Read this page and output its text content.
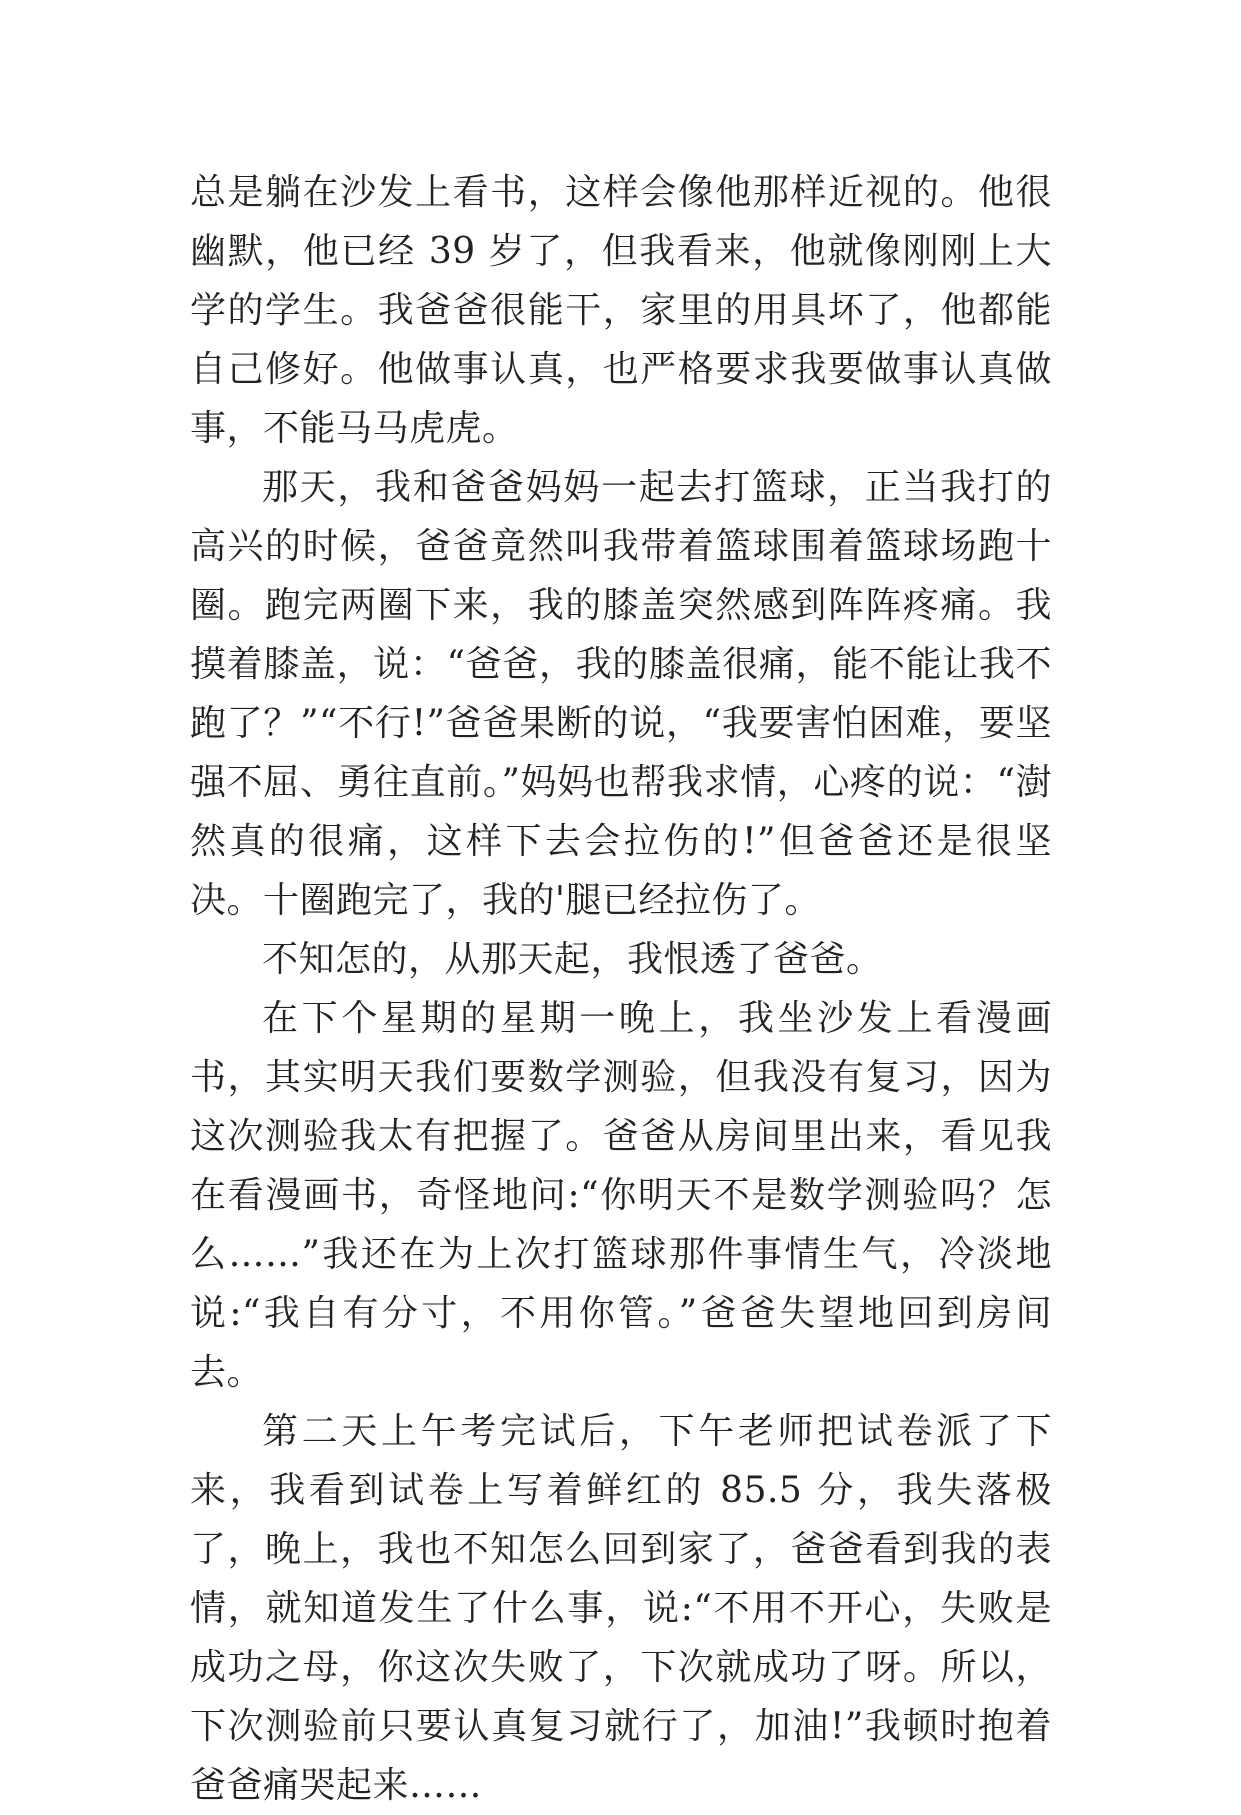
总是躺在沙发上看书，这样会像他那样近视的。他很幽默，他已经 39 岁了，但我看来，他就像刚刚上大学的学生。我爸爸很能干，家里的用具坏了，他都能自己修好。他做事认真，也严格要求我要做事认真做事，不能马马虎虎。

那天，我和爸爸妈妈一起去打篮球，正当我打的高兴的时候，爸爸竟然叫我带着篮球围着篮球场跑十圈。跑完两圈下来，我的膝盖突然感到阵阵疼痛。我摸着膝盖，说：“爸爸，我的膝盖很痛，能不能让我不跑了？”“不行!”爸爸果断的说，“我要害怕困难，要坚强不屈、勇往直前。”妈妈也帮我求情，心疼的说：“澍然真的很痛，这样下去会拉伤的!”但爸爸还是很坚决。十圈跑完了，我的'腿已经拉伤了。

不知怎的，从那天起，我恨透了爸爸。

在下个星期的星期一晚上，我坐沙发上看漫画书，其实明天我们要数学测验，但我没有复习，因为这次测验我太有把握了。爸爸从房间里出来，看见我在看漫画书，奇怪地问:“你明天不是数学测验吗？怎么……”我还在为上次打篮球那件事情生气，冷淡地说:“我自有分寸，不用你管。”爸爸失望地回到房间去。

第二天上午考完试后，下午老师把试卷派了下来，我看到试卷上写着鲜红的 85.5 分，我失落极了，晚上，我也不知怎么回到家了，爸爸看到我的表情，就知道发生了什么事，说:“不用不开心，失败是成功之母，你这次失败了，下次就成功了呀。所以，下次测验前只要认真复习就行了，加油!”我顿时抱着爸爸痛哭起来……
